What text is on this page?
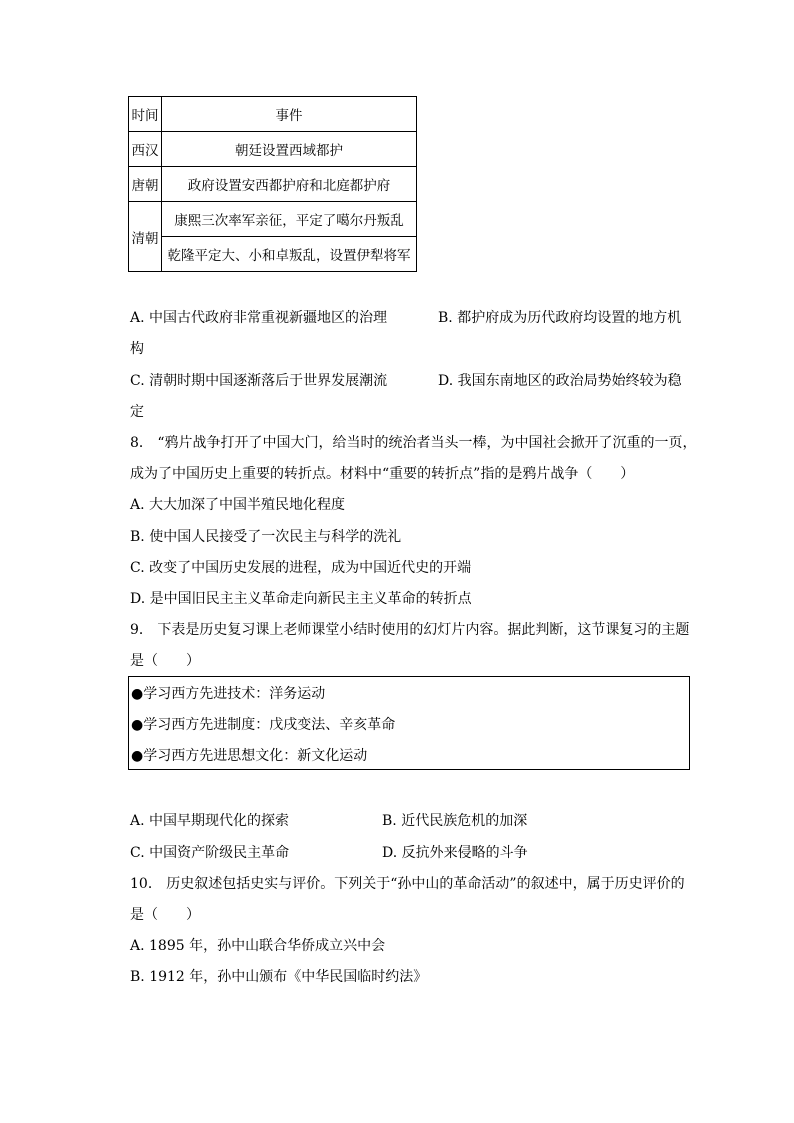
时间	事件
西汉	朝廷设置西域都护
唐朝	政府设置安西都护府和北庭都护府
清朝	康熙三次率军亲征，平定了噶尔丹叛乱
	乾隆平定大、小和卓叛乱，设置伊犁将军
A. 中国古代政府非常重视新疆地区的治理	B. 都护府成为历代政府均设置的地方机
构
C. 清朝时期中国逐渐落后于世界发展潮流	D. 我国东南地区的政治局势始终较为稳
定
8． “鸦片战争打开了中国大门，给当时的统治者当头一棒，为中国社会掀开了沉重的一页，
成为了中国历史上重要的转折点。材料中“重要的转折点”指的是鸦片战争（　　）
A. 大大加深了中国半殖民地化程度
B. 使中国人民接受了一次民主与科学的洗礼
C. 改变了中国历史发展的进程，成为中国近代史的开端
D. 是中国旧民主主义革命走向新民主主义革命的转折点
9． 下表是历史复习课上老师课堂小结时使用的幻灯片内容。据此判断，这节课复习的主题
是（　　）
●学习西方先进技术：洋务运动
●学习西方先进制度：戊戌变法、辛亥革命
●学习西方先进思想文化：新文化运动
A. 中国早期现代化的探索	B. 近代民族危机的加深
C. 中国资产阶级民主革命	D. 反抗外来侵略的斗争
10． 历史叙述包括史实与评价。下列关于“孙中山的革命活动”的叙述中，属于历史评价的
是（　　）
A. 1895 年，孙中山联合华侨成立兴中会
B. 1912 年，孙中山颁布《中华民国临时约法》
